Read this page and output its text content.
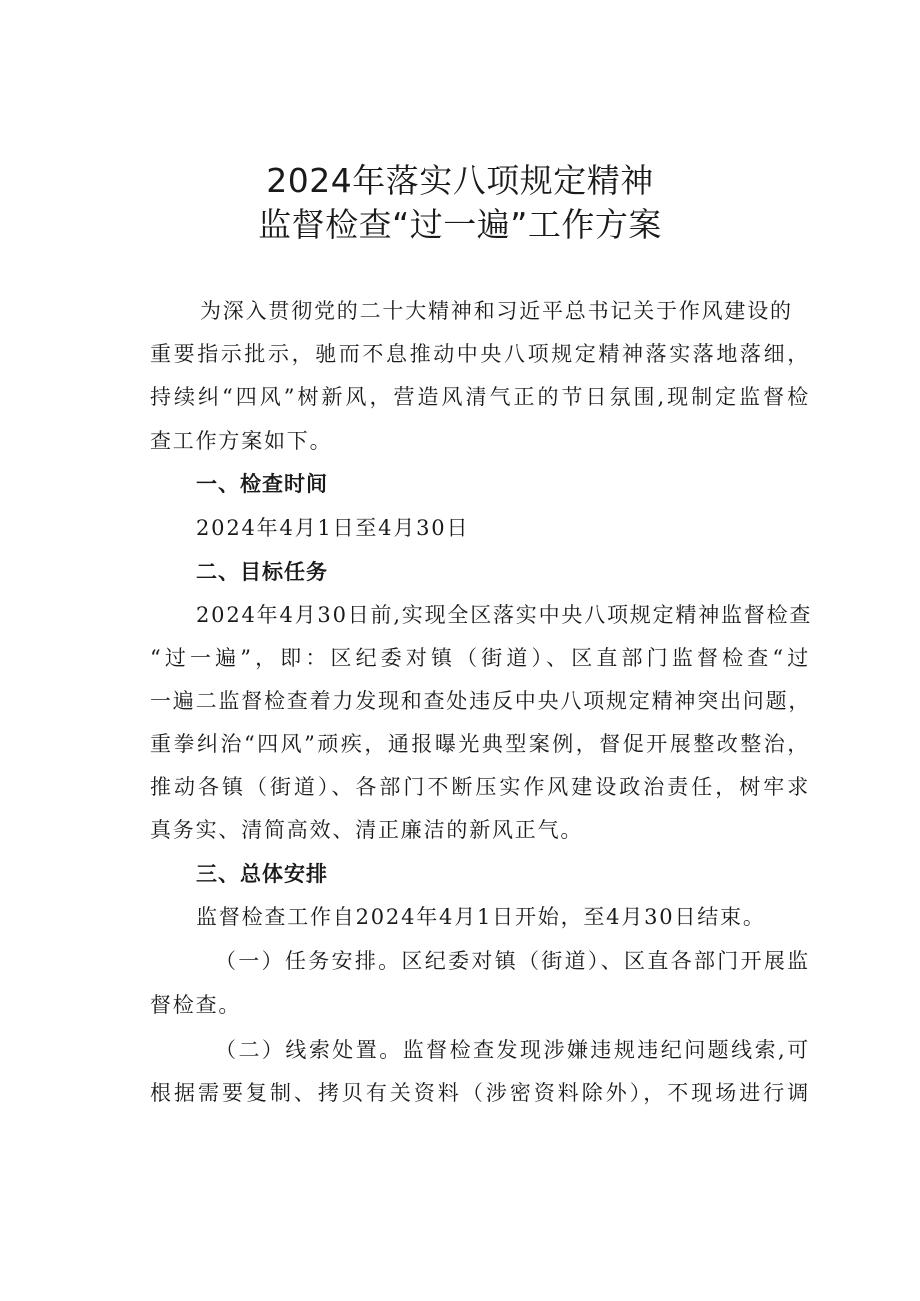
2024年落实八项规定精神
监督检查“过一遍”工作方案
为深入贯彻党的二十大精神和习近平总书记关于作风建设的
重要指示批示，驰而不息推动中央八项规定精神落实落地落细，
持续纠“四风”树新风，营造风清气正的节日氛围,现制定监督检
查工作方案如下。
一、检查时间
2024年4月1日至4月30日
二、目标任务
2024年4月30日前,实现全区落实中央八项规定精神监督检查
“过一遍”，即：区纪委对镇（街道）、区直部门监督检查“过
一遍二监督检查着力发现和查处违反中央八项规定精神突出问题，
重拳纠治“四风”顽疾，通报曝光典型案例，督促开展整改整治，
推动各镇（街道）、各部门不断压实作风建设政治责任，树牢求
真务实、清简高效、清正廉洁的新风正气。
三、总体安排
监督检查工作自2024年4月1日开始，至4月30日结束。
（一）任务安排。区纪委对镇（街道）、区直各部门开展监
督检查。
（二）线索处置。监督检查发现涉嫌违规违纪问题线索,可
根据需要复制、拷贝有关资料（涉密资料除外），不现场进行调
